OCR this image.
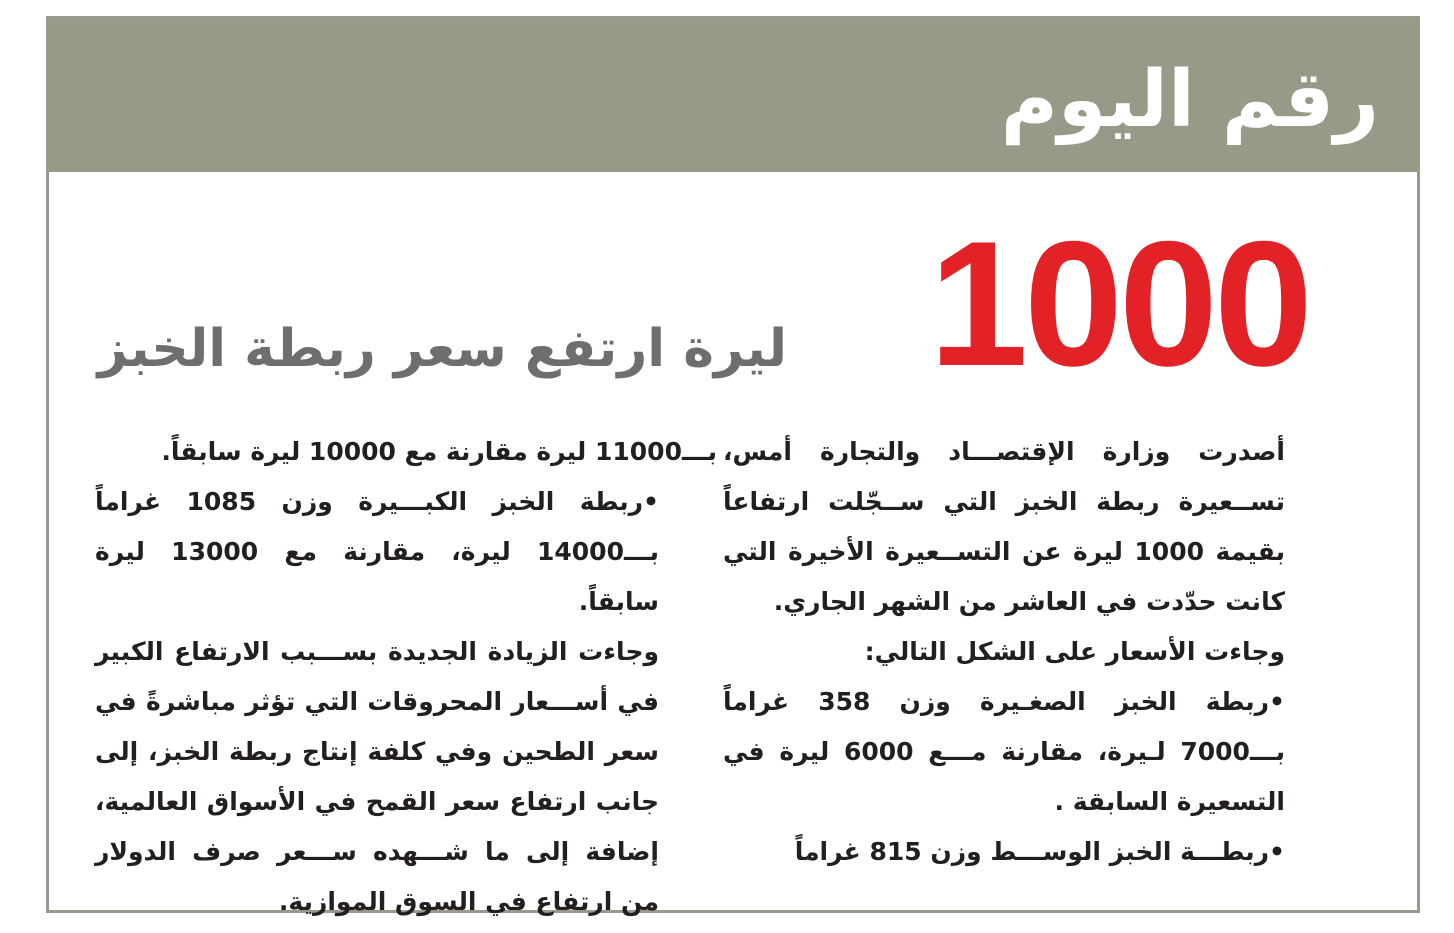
رقم اليوم
1000
ليرة ارتفع سعر ربطة الخبز

أصدرت وزارة الإقتصـــاد والتجارة أمس، تســعيرة ربطة الخبز التي ســجّلت ارتفاعاً بقيمة 1000 ليرة عن التســعيرة الأخيرة التي كانت حدّدت في العاشر من الشهر الجاري.

وجاءت الأسعار على الشكل التالي:

•ربطة الخبز الصغـيرة وزن 358 غراماً بـــ7000 لـيرة، مقارنة مـــع 6000 ليرة في التسعيرة السابقة .

•ربطـــة الخبز الوســـط وزن 815 غراماً

بـــ11000 ليرة مقارنة مع 10000 ليرة سابقاً.

•ربطة الخبز الكبـــيرة وزن 1085 غراماً بـــ14000 ليرة، مقارنة مع 13000 ليرة سابقاً.

وجاءت الزيادة الجديدة بســـبب الارتفاع الكبير في أســـعار المحروقات التي تؤثر مباشرةً في سعر الطحين وفي كلفة إنتاج ربطة الخبز، إلى جانب ارتفاع سعر القمح في الأسواق العالمية، إضافة إلى ما شـــهده ســـعر صرف الدولار من ارتفاع في السوق الموازية.
